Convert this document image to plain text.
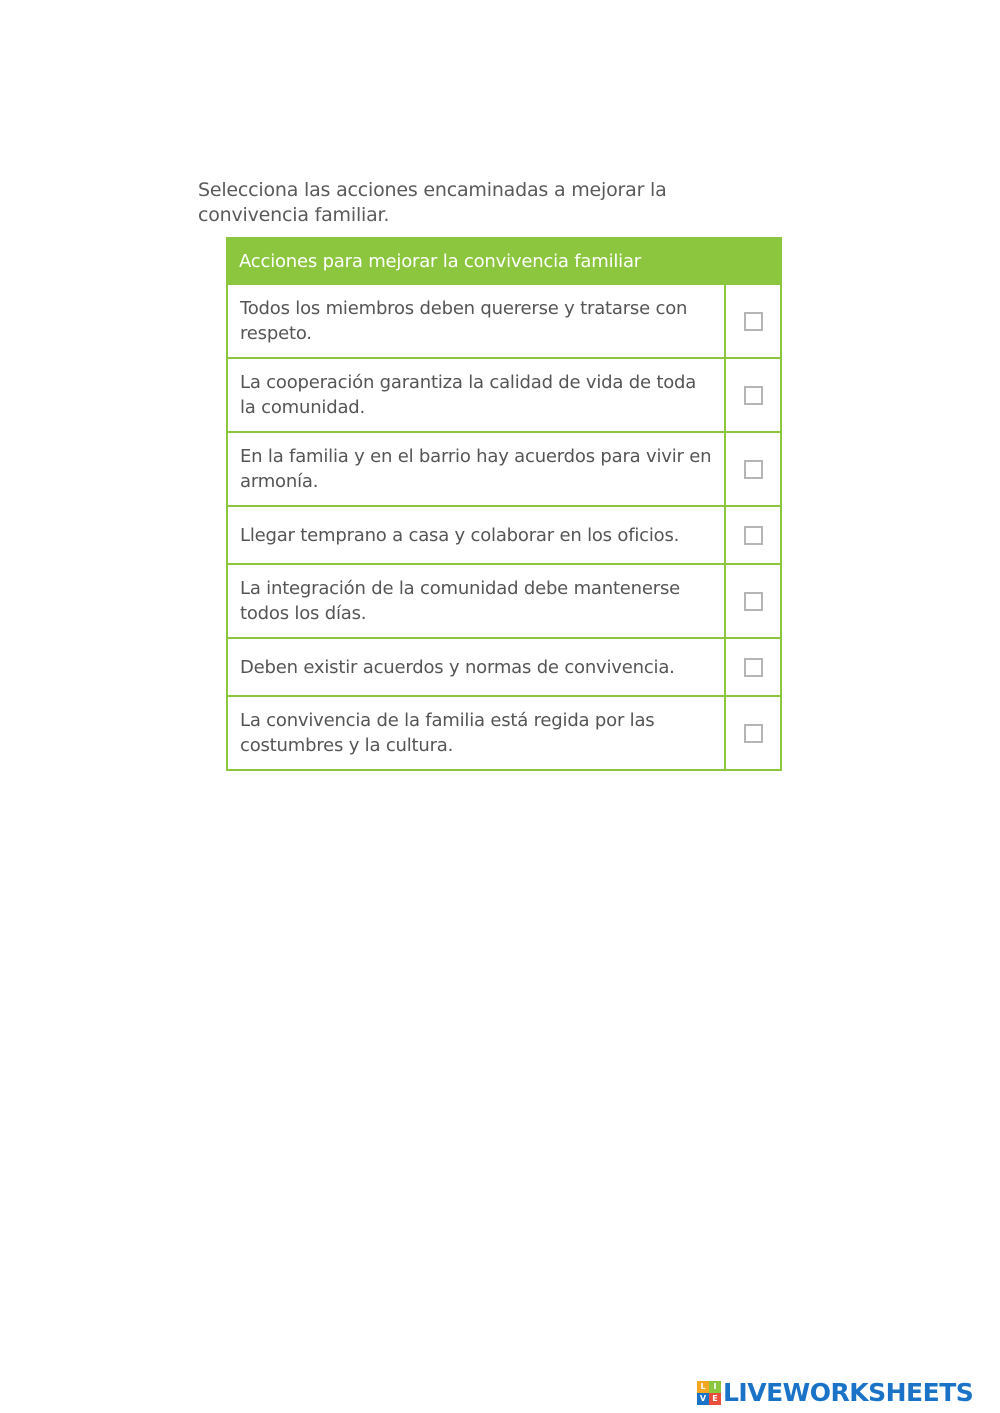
Selecciona las acciones encaminadas a mejorar la convivencia familiar.
Acciones para mejorar la convivencia familiar	
Todos los miembros deben quererse y tratarse con respeto.	
La cooperación garantiza la calidad de vida de toda la comunidad.	
En la familia y en el barrio hay acuerdos para vivir en armonía.	
Llegar temprano a casa y colaborar en los oficios.	
La integración de la comunidad debe mantenerse todos los días.	
Deben existir acuerdos y normas de convivencia.	
La convivencia de la familia está regida por las costumbres y la cultura.	
L I
V E LIVEWORKSHEETS
